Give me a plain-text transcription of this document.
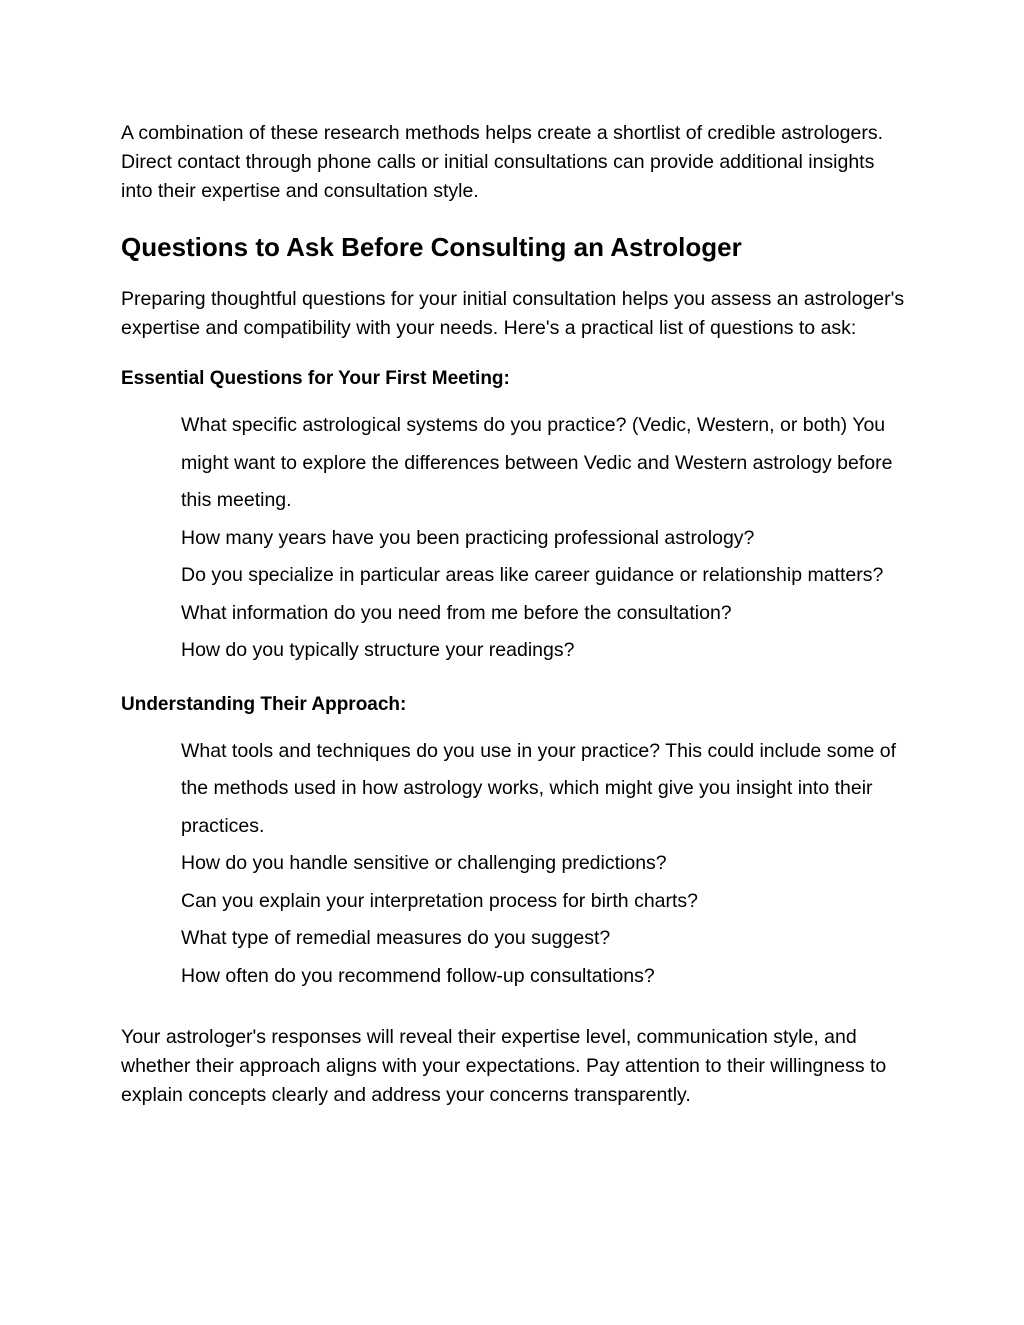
A combination of these research methods helps create a shortlist of credible astrologers. Direct contact through phone calls or initial consultations can provide additional insights into their expertise and consultation style.

Questions to Ask Before Consulting an Astrologer

Preparing thoughtful questions for your initial consultation helps you assess an astrologer's expertise and compatibility with your needs. Here's a practical list of questions to ask:

Essential Questions for Your First Meeting:
What specific astrological systems do you practice? (Vedic, Western, or both) You might want to explore the differences between Vedic and Western astrology before this meeting.
How many years have you been practicing professional astrology?
Do you specialize in particular areas like career guidance or relationship matters?
What information do you need from me before the consultation?
How do you typically structure your readings?
Understanding Their Approach:
What tools and techniques do you use in your practice? This could include some of the methods used in how astrology works, which might give you insight into their practices.
How do you handle sensitive or challenging predictions?
Can you explain your interpretation process for birth charts?
What type of remedial measures do you suggest?
How often do you recommend follow-up consultations?

Your astrologer's responses will reveal their expertise level, communication style, and whether their approach aligns with your expectations. Pay attention to their willingness to explain concepts clearly and address your concerns transparently.
